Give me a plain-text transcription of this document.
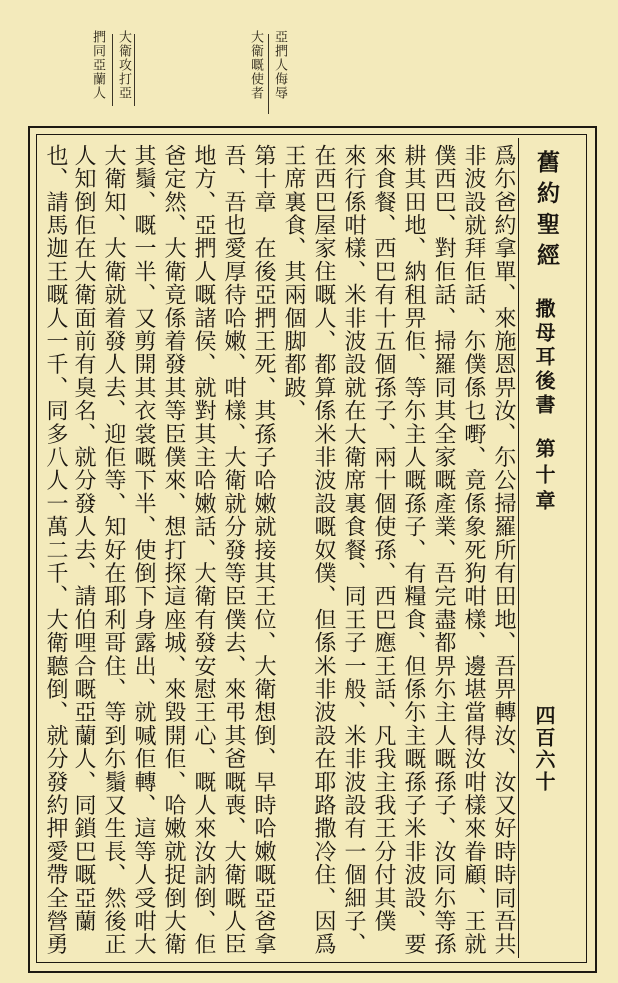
大衛攻打亞
捫同亞蘭人	亞捫人侮辱
大衛嘅使者
舊約聖經
撒母耳後書
第十章
四百六十
爲尓爸約拿單、來施恩畀汝、尓公掃羅所有田地、吾畀轉汝、汝又好時時同吾共
非波設就拜佢話、尓僕係乜嘢、竟係象死狗咁樣、邊堪當得汝咁樣來眷顧、王就
僕西巴、對佢話、掃羅同其全家嘅產業、吾完盡都畀尓主人嘅孫子、汝同尓等孫
耕其田地、納租畀佢、等尓主人嘅孫子、有糧食、但係尓主嘅孫子米非波設、要
來食餐、西巴有十五個孫子、兩十個使孫、西巴應王話、凡我主我王分付其僕
來行係咁樣、米非波設就在大衛席裏食餐、同王子一般、米非波設有一個細子、
在西巴屋家住嘅人、都算係米非波設嘅奴僕、但係米非波設在耶路撒冷住、因爲
王席裏食、其兩個脚都跛、
第十章　在後亞捫王死、其孫子哈嫩就接其王位、大衛想倒、早時哈嫩嘅亞爸拿
吾、吾也愛厚待哈嫩、咁樣、大衛就分發等臣僕去、來弔其爸嘅喪、大衛嘅人臣
地方、亞捫人嘅諸侯、就對其主哈嫩話、大衛有發安慰王心、嘅人來汝訥倒、佢
爸定然、大衛竟係着發其等臣僕來、想打探這座城、來毀開佢、哈嫩就捉倒大衛
其鬚、嘅一半、又剪開其衣裳嘅下半、使倒下身露出、就喊佢轉、這等人受咁大
大衛知、大衛就着發人去、迎佢等、知好在耶利哥住、等到尓鬚又生長、然後正
人知倒佢在大衛面前有臭名、就分發人去、請伯哩合嘅亞蘭人、同鎖巴嘅亞蘭
也、請馬迦王嘅人一千、同多八人一萬二千、大衛聽倒、就分發約押愛帶全營勇
